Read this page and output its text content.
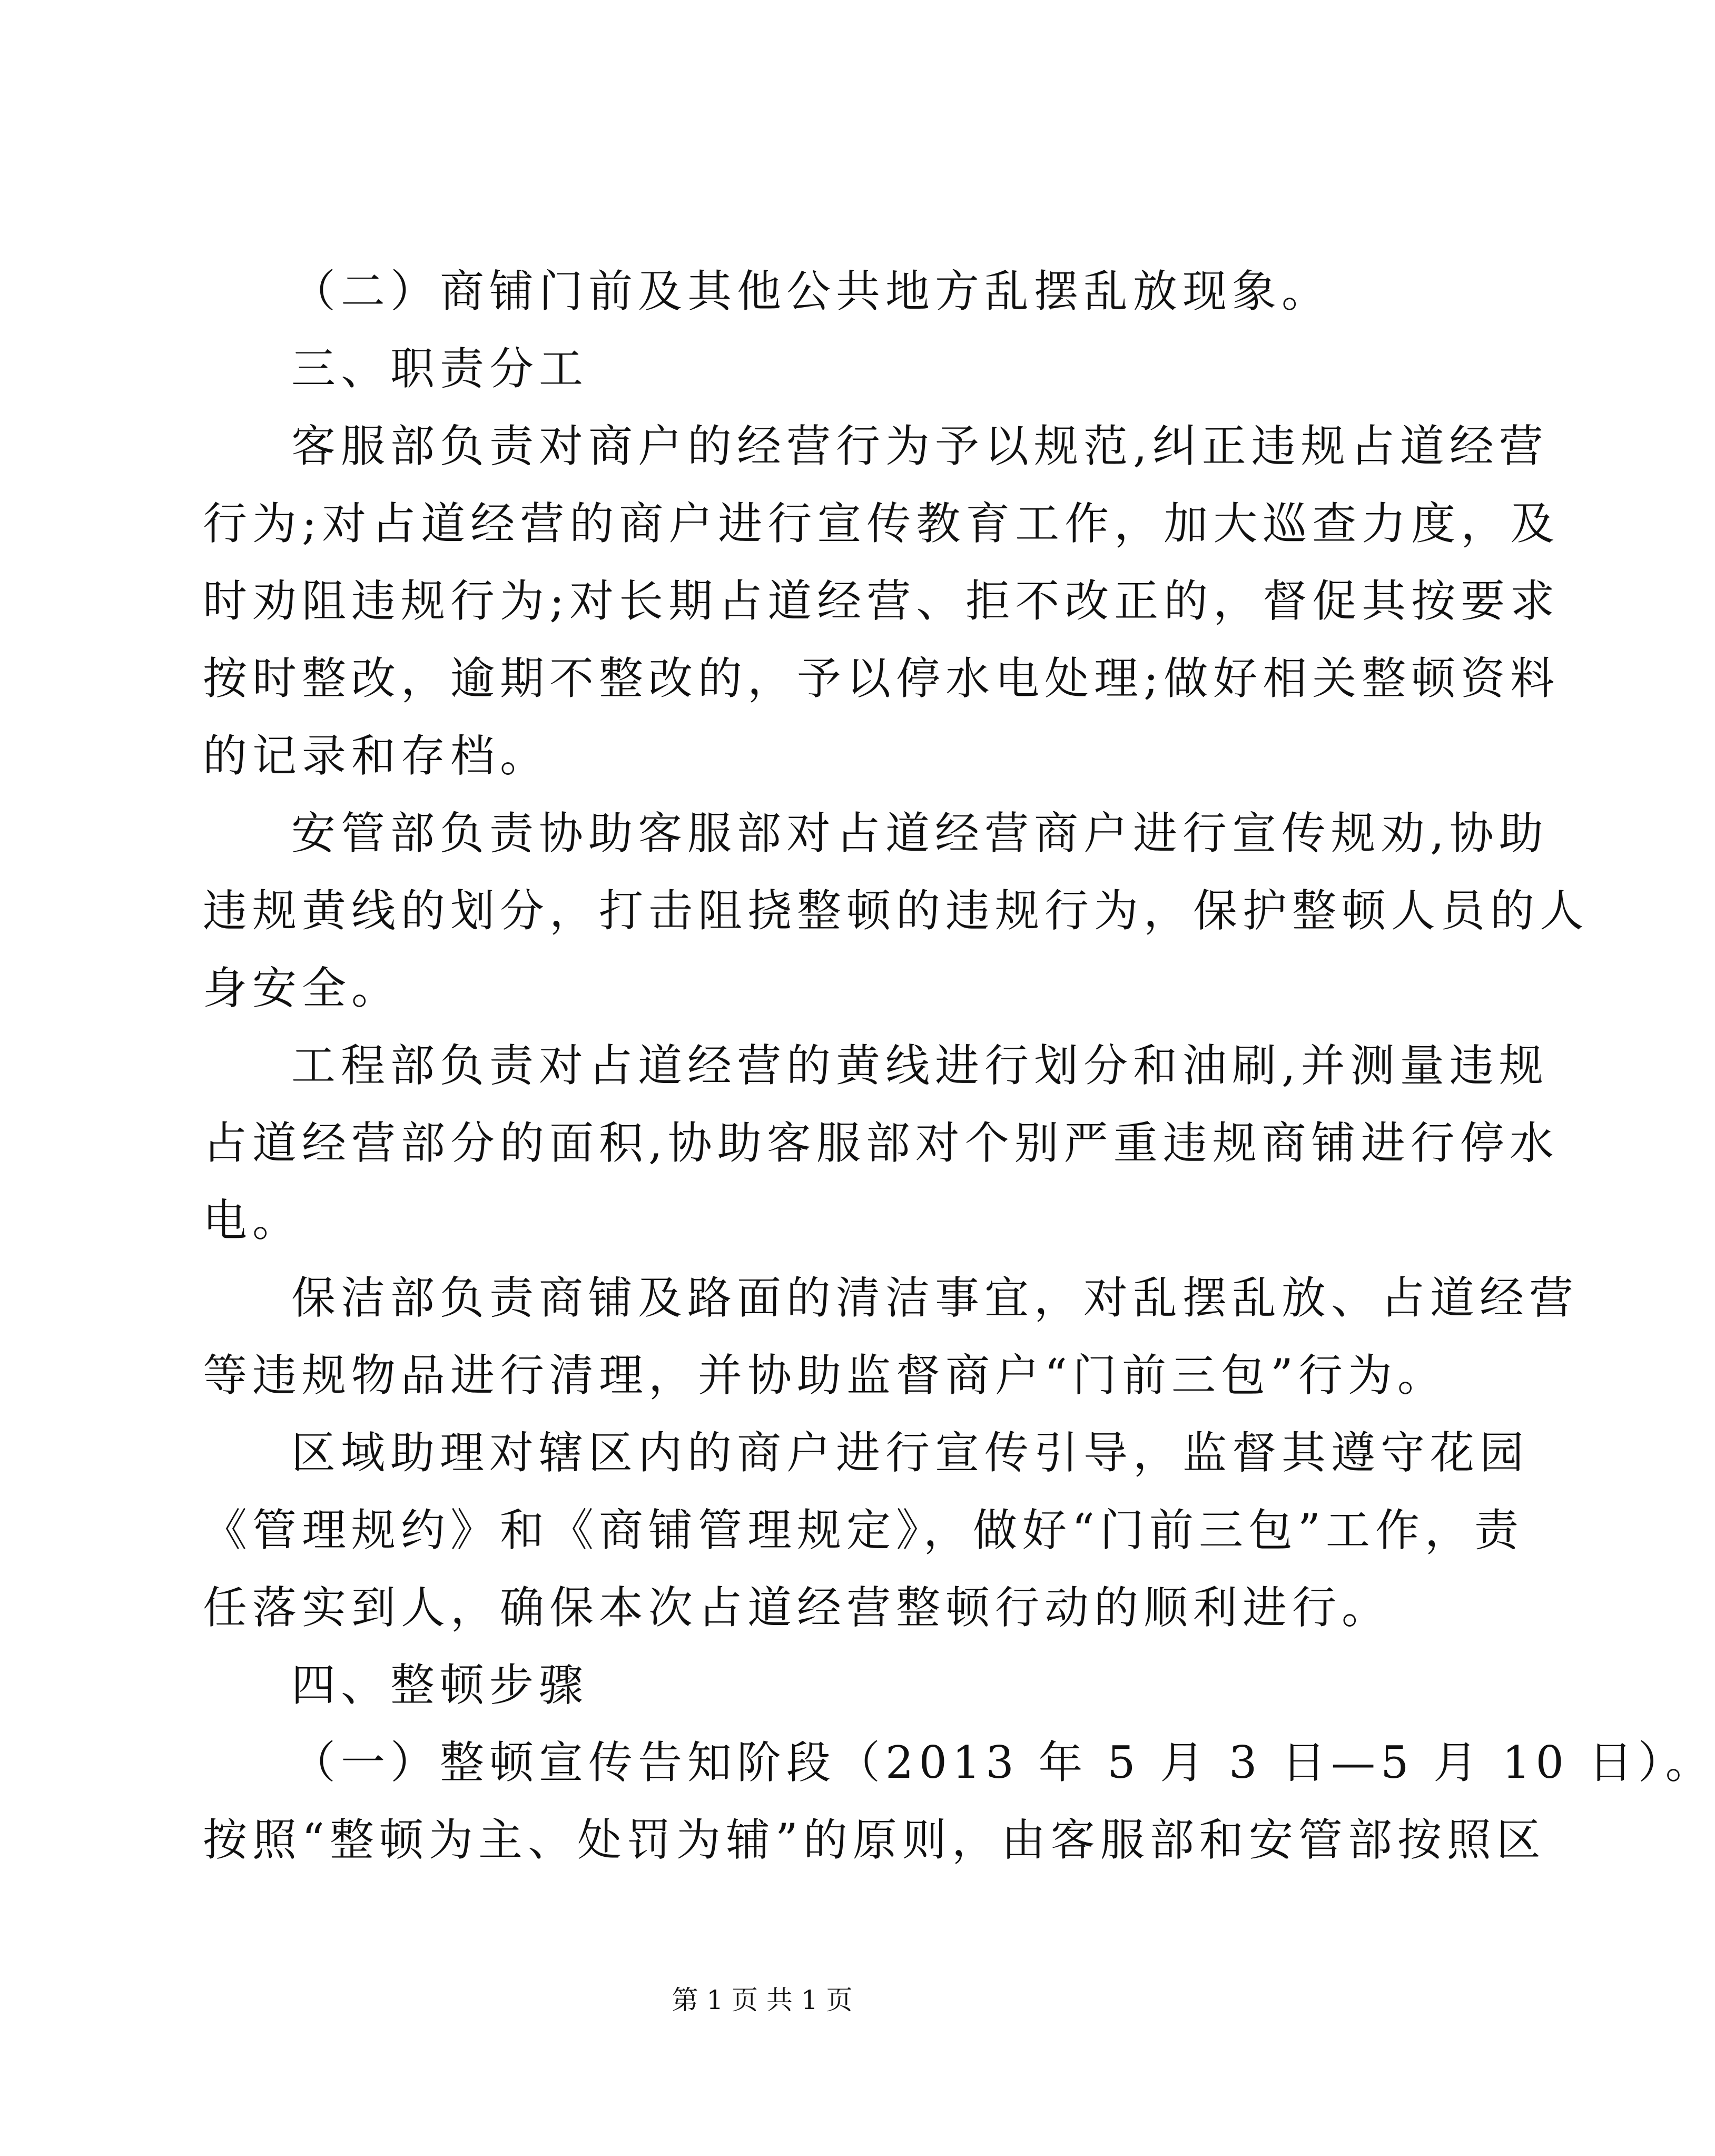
（二）商铺门前及其他公共地方乱摆乱放现象。
三、职责分工
客服部负责对商户的经营行为予以规范,纠正违规占道经营
行为;对占道经营的商户进行宣传教育工作，加大巡查力度，及
时劝阻违规行为;对长期占道经营、拒不改正的，督促其按要求
按时整改，逾期不整改的，予以停水电处理;做好相关整顿资料
的记录和存档。
安管部负责协助客服部对占道经营商户进行宣传规劝,协助
违规黄线的划分，打击阻挠整顿的违规行为，保护整顿人员的人
身安全。
工程部负责对占道经营的黄线进行划分和油刷,并测量违规
占道经营部分的面积,协助客服部对个别严重违规商铺进行停水
电。
保洁部负责商铺及路面的清洁事宜，对乱摆乱放、占道经营
等违规物品进行清理，并协助监督商户“门前三包”行为。
区域助理对辖区内的商户进行宣传引导，监督其遵守花园
《管理规约》和《商铺管理规定》，做好“门前三包”工作，责
任落实到人，确保本次占道经营整顿行动的顺利进行。
四、整顿步骤
（一）整顿宣传告知阶段（2013 年 5 月 3 日—5 月 10 日）。
按照“整顿为主、处罚为辅”的原则，由客服部和安管部按照区
第 1 页 共 1 页
